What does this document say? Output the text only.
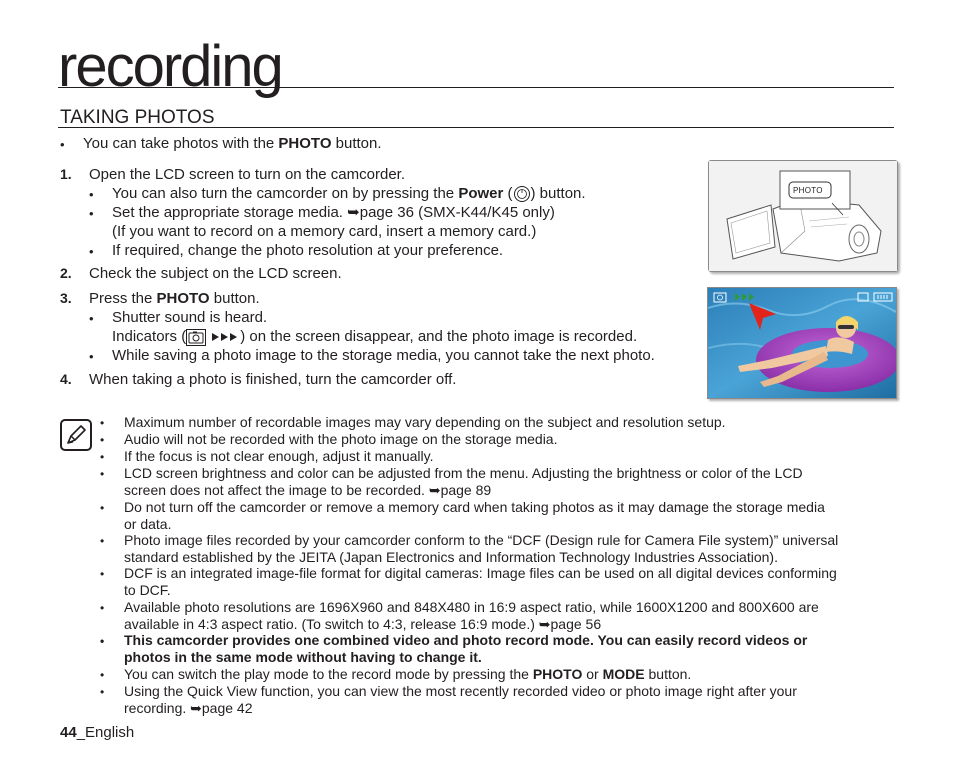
recording
TAKING PHOTOS
• You can take photos with the PHOTO button.
1. Open the LCD screen to turn on the camcorder.
• You can also turn the camcorder on by pressing the Power ( ) button.
• Set the appropriate storage media. ➥page 36 (SMX-K44/K45 only)
(If you want to record on a memory card, insert a memory card.)
• If required, change the photo resolution at your preference.
2. Check the subject on the LCD screen.
3. Press the PHOTO button.
• Shutter sound is heard.
Indicators (	) on the screen disappear, and the photo image is recorded.
• While saving a photo image to the storage media, you cannot take the next photo.
4. When taking a photo is finished, turn the camcorder off.
PHOTO
• Maximum number of recordable images may vary depending on the subject and resolution setup.
• Audio will not be recorded with the photo image on the storage media.
• If the focus is not clear enough, adjust it manually.
• LCD screen brightness and color can be adjusted from the menu. Adjusting the brightness or color of the LCD
screen does not affect the image to be recorded. ➥page 89
• Do not turn off the camcorder or remove a memory card when taking photos as it may damage the storage media
or data.
• Photo image files recorded by your camcorder conform to the “DCF (Design rule for Camera File system)” universal
standard established by the JEITA (Japan Electronics and Information Technology Industries Association).
• DCF is an integrated image-file format for digital cameras: Image files can be used on all digital devices conforming
to DCF.
• Available photo resolutions are 1696X960 and 848X480 in 16:9 aspect ratio, while 1600X1200 and 800X600 are
available in 4:3 aspect ratio. (To switch to 4:3, release 16:9 mode.) ➥page 56
• This camcorder provides one combined video and photo record mode. You can easily record videos or
photos in the same mode without having to change it.
• You can switch the play mode to the record mode by pressing the PHOTO or MODE button.
• Using the Quick View function, you can view the most recently recorded video or photo image right after your
recording. ➥page 42
44_English
